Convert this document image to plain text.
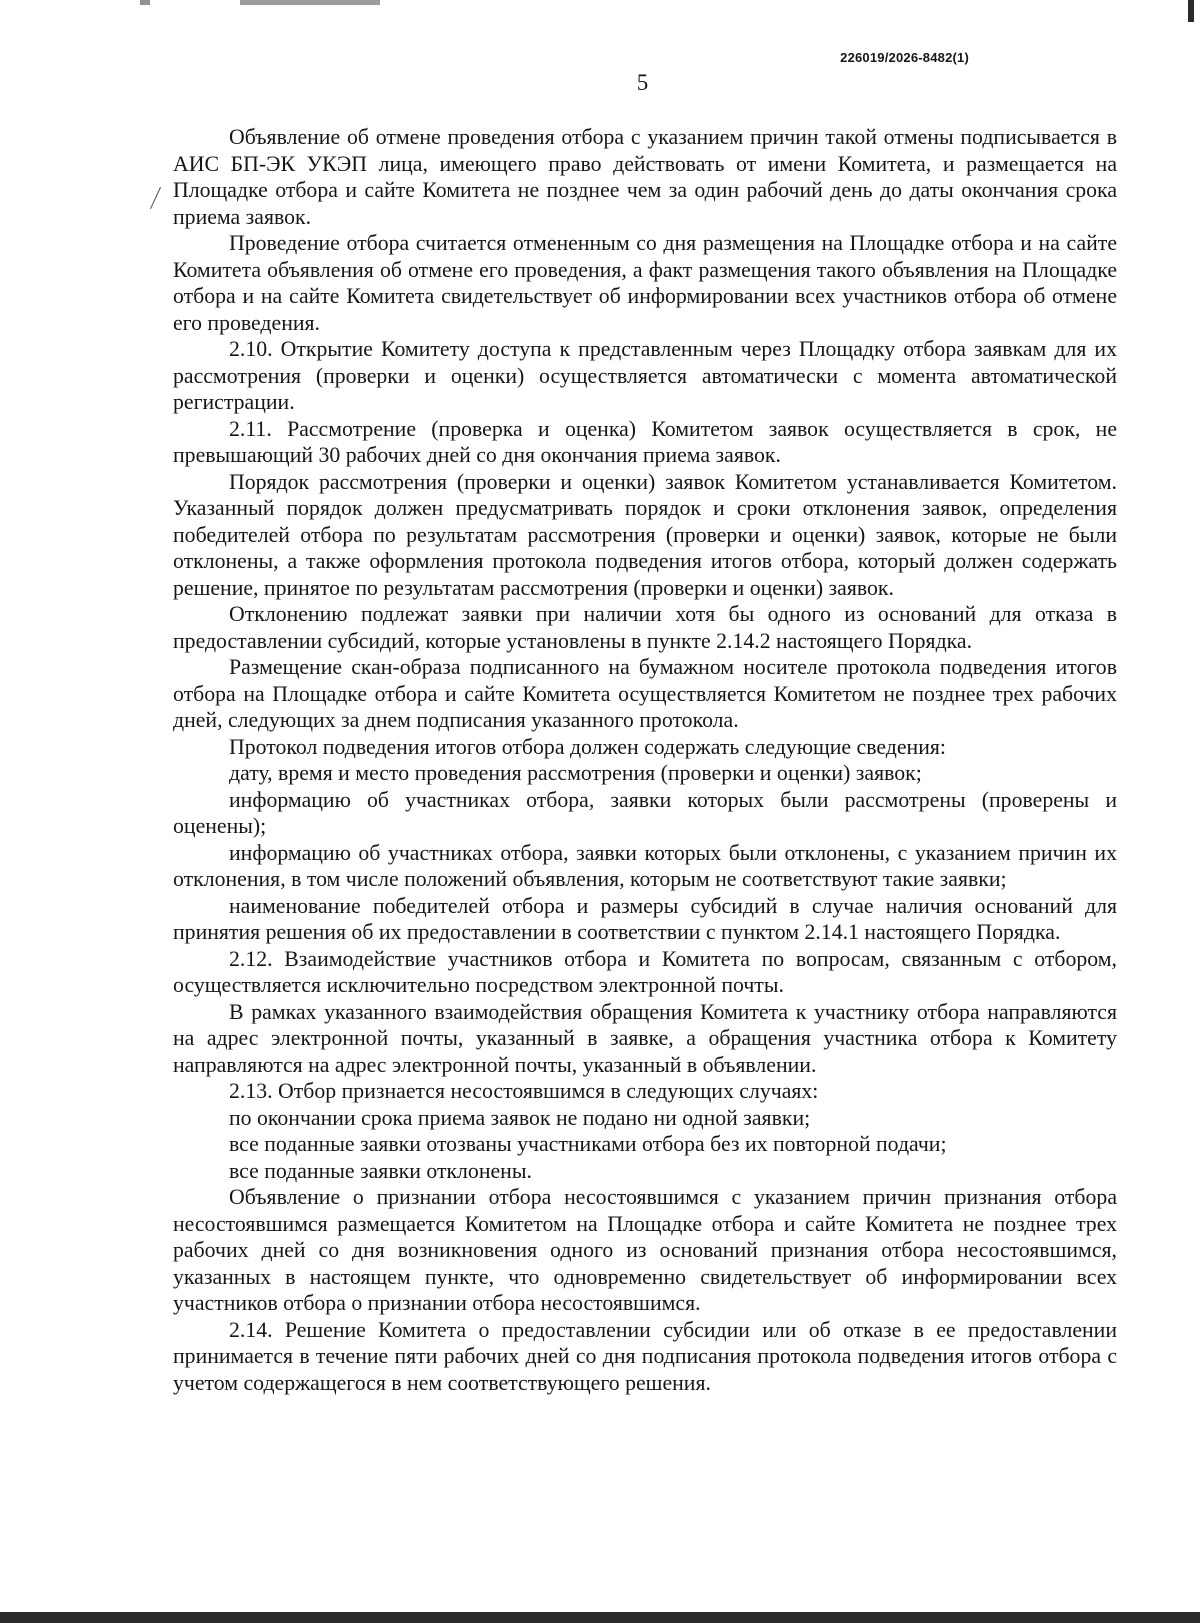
226019/2026-8482(1)
5

Объявление об отмене проведения отбора с указанием причин такой отмены подписывается в АИС БП-ЭК УКЭП лица, имеющего право действовать от имени Комитета, и размещается на Площадке отбора и сайте Комитета не позднее чем за один рабочий день до даты окончания срока приема заявок.

Проведение отбора считается отмененным со дня размещения на Площадке отбора и на сайте Комитета объявления об отмене его проведения, а факт размещения такого объявления на Площадке отбора и на сайте Комитета свидетельствует об информировании всех участников отбора об отмене его проведения.

2.10. Открытие Комитету доступа к представленным через Площадку отбора заявкам для их рассмотрения (проверки и оценки) осуществляется автоматически с момента автоматической регистрации.

2.11. Рассмотрение (проверка и оценка) Комитетом заявок осуществляется в срок, не превышающий 30 рабочих дней со дня окончания приема заявок.

Порядок рассмотрения (проверки и оценки) заявок Комитетом устанавливается Комитетом. Указанный порядок должен предусматривать порядок и сроки отклонения заявок, определения победителей отбора по результатам рассмотрения (проверки и оценки) заявок, которые не были отклонены, а также оформления протокола подведения итогов отбора, который должен содержать решение, принятое по результатам рассмотрения (проверки и оценки) заявок.

Отклонению подлежат заявки при наличии хотя бы одного из оснований для отказа в предоставлении субсидий, которые установлены в пункте 2.14.2 настоящего Порядка.

Размещение скан-образа подписанного на бумажном носителе протокола подведения итогов отбора на Площадке отбора и сайте Комитета осуществляется Комитетом не позднее трех рабочих дней, следующих за днем подписания указанного протокола.

Протокол подведения итогов отбора должен содержать следующие сведения:

дату, время и место проведения рассмотрения (проверки и оценки) заявок;

информацию об участниках отбора, заявки которых были рассмотрены (проверены и оценены);

информацию об участниках отбора, заявки которых были отклонены, с указанием причин их отклонения, в том числе положений объявления, которым не соответствуют такие заявки;

наименование победителей отбора и размеры субсидий в случае наличия оснований для принятия решения об их предоставлении в соответствии с пунктом 2.14.1 настоящего Порядка.

2.12. Взаимодействие участников отбора и Комитета по вопросам, связанным с отбором, осуществляется исключительно посредством электронной почты.

В рамках указанного взаимодействия обращения Комитета к участнику отбора направляются на адрес электронной почты, указанный в заявке, а обращения участника отбора к Комитету направляются на адрес электронной почты, указанный в объявлении.

2.13. Отбор признается несостоявшимся в следующих случаях:

по окончании срока приема заявок не подано ни одной заявки;

все поданные заявки отозваны участниками отбора без их повторной подачи;

все поданные заявки отклонены.

Объявление о признании отбора несостоявшимся с указанием причин признания отбора несостоявшимся размещается Комитетом на Площадке отбора и сайте Комитета не позднее трех рабочих дней со дня возникновения одного из оснований признания отбора несостоявшимся, указанных в настоящем пункте, что одновременно свидетельствует об информировании всех участников отбора о признании отбора несостоявшимся.

2.14. Решение Комитета о предоставлении субсидии или об отказе в ее предоставлении принимается в течение пяти рабочих дней со дня подписания протокола подведения итогов отбора с учетом содержащегося в нем соответствующего решения.
